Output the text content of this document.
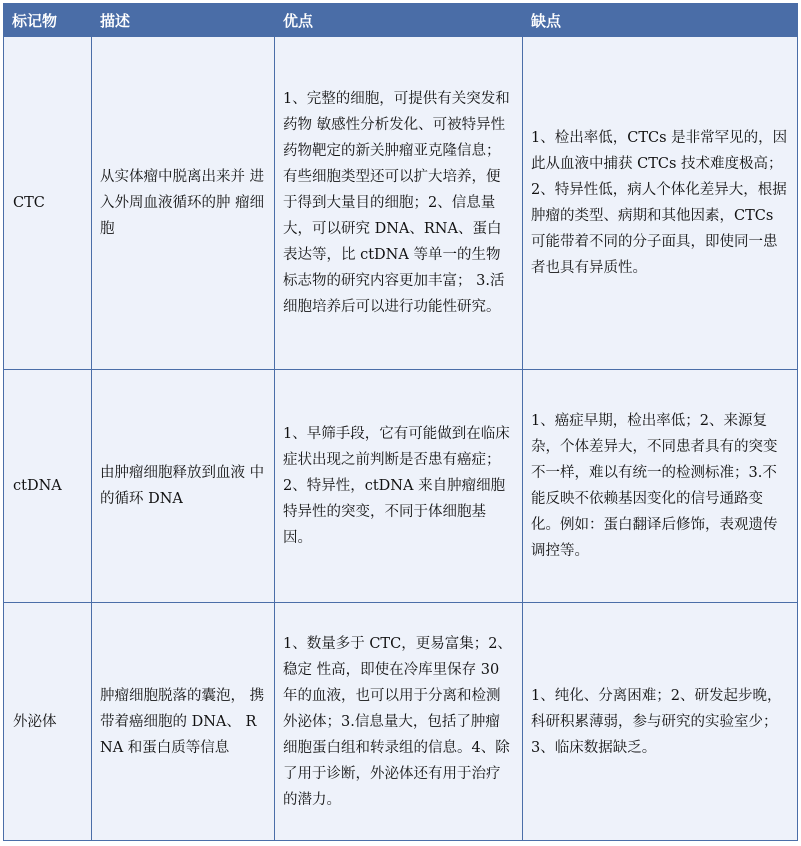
标记物	描述	优点	缺点
CTC	从实体瘤中脱离出来并 进入外周血液循环的肿 瘤细胞	1、完整的细胞，可提供有关突发和药物 敏感性分析发化、可被特异性药物靶定的新关肿瘤亚克隆信息；有些细胞类型还可以扩大培养，便于得到大量目的细胞；2、信息量大，可以研究 DNA、RNA、蛋白表达等，比 ctDNA 等单一的生物标志物的研究内容更加丰富； 3.活细胞培养后可以进行功能性研究。	1、检出率低，CTCs 是非常罕见的，因此从血液中捕获 CTCs 技术难度极高；2、特异性低，病人个体化差异大，根据肿瘤的类型、病期和其他因素，CTCs 可能带着不同的分子面具，即使同一患者也具有异质性。
ctDNA	由肿瘤细胞释放到血液 中的循环 DNA	1、早筛手段，它有可能做到在临床症状出现之前判断是否患有癌症；2、特异性，ctDNA 来自肿瘤细胞特异性的突变，不同于体细胞基因。	1、癌症早期，检出率低；2、来源复杂，个体差异大，不同患者具有的突变不一样，难以有统一的检测标准；3.不能反映不依赖基因变化的信号通路变化。例如：蛋白翻译后修饰，表观遗传调控等。
外泌体	肿瘤细胞脱落的囊泡， 携带着癌细胞的 DNA、 RNA 和蛋白质等信息	1、数量多于 CTC，更易富集；2、稳定 性高，即使在冷库里保存 30 年的血液，也可以用于分离和检测外泌体；3.信息量大，包括了肿瘤细胞蛋白组和转录组的信息。4、除了用于诊断，外泌体还有用于治疗的潜力。	1、纯化、分离困难；2、研发起步晚，科研积累薄弱，参与研究的实验室少；3、临床数据缺乏。
